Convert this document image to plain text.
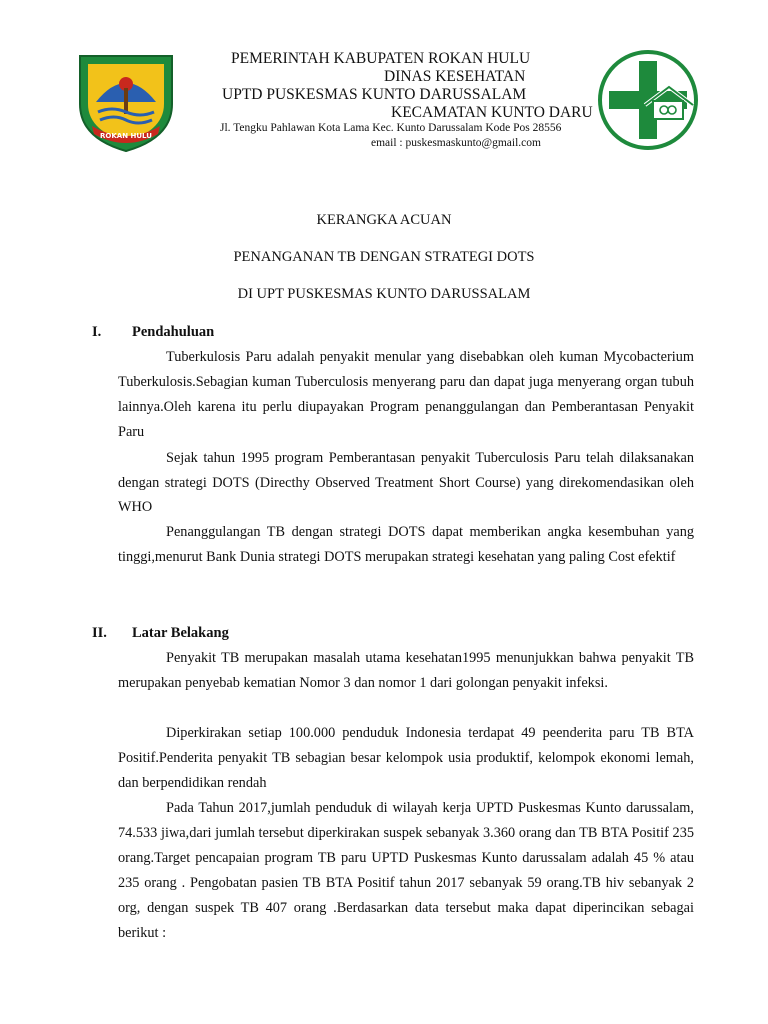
ROKAN HULU
PEMERINTAH KABUPATEN ROKAN HULU
DINAS KESEHATAN
UPTD PUSKESMAS KUNTO DARUSSALAM
KECAMATAN KUNTO DARU
Jl. Tengku Pahlawan Kota Lama Kec. Kunto Darussalam Kode Pos 28556
email : puskesmaskunto@gmail.com
KERANGKA ACUAN
PENANGANAN TB DENGAN STRATEGI DOTS
DI UPT PUSKESMAS KUNTO DARUSSALAM
I. Pendahuluan

Tuberkulosis Paru adalah penyakit menular yang disebabkan oleh kuman Mycobacterium Tuberkulosis.Sebagian kuman Tuberculosis menyerang paru dan dapat juga menyerang organ tubuh lainnya.Oleh karena itu perlu diupayakan Program penanggulangan dan Pemberantasan Penyakit Paru

Sejak tahun 1995 program Pemberantasan penyakit Tuberculosis Paru telah dilaksanakan dengan strategi DOTS (Directhy Observed Treatment Short Course) yang direkomendasikan oleh WHO

Penanggulangan TB dengan strategi DOTS dapat memberikan angka kesembuhan yang tinggi,menurut Bank Dunia strategi DOTS merupakan strategi kesehatan yang paling Cost efektif

II. Latar Belakang

Penyakit TB merupakan masalah utama kesehatan1995 menunjukkan bahwa penyakit TB merupakan penyebab kematian Nomor 3 dan nomor 1 dari golongan penyakit infeksi.

Diperkirakan setiap 100.000 penduduk Indonesia terdapat 49 peenderita paru TB BTA Positif.Penderita penyakit TB sebagian besar kelompok usia produktif, kelompok ekonomi lemah, dan berpendidikan rendah

Pada Tahun 2017,jumlah penduduk di wilayah kerja UPTD Puskesmas Kunto darussalam, 74.533 jiwa,dari jumlah tersebut diperkirakan suspek sebanyak 3.360 orang dan TB BTA Positif 235 orang.Target pencapaian program TB paru UPTD Puskesmas Kunto darussalam adalah 45 % atau 235 orang . Pengobatan pasien TB BTA Positif tahun 2017 sebanyak 59 orang.TB hiv sebanyak 2 org, dengan suspek TB 407 orang .Berdasarkan data tersebut maka dapat diperincikan sebagai berikut :
